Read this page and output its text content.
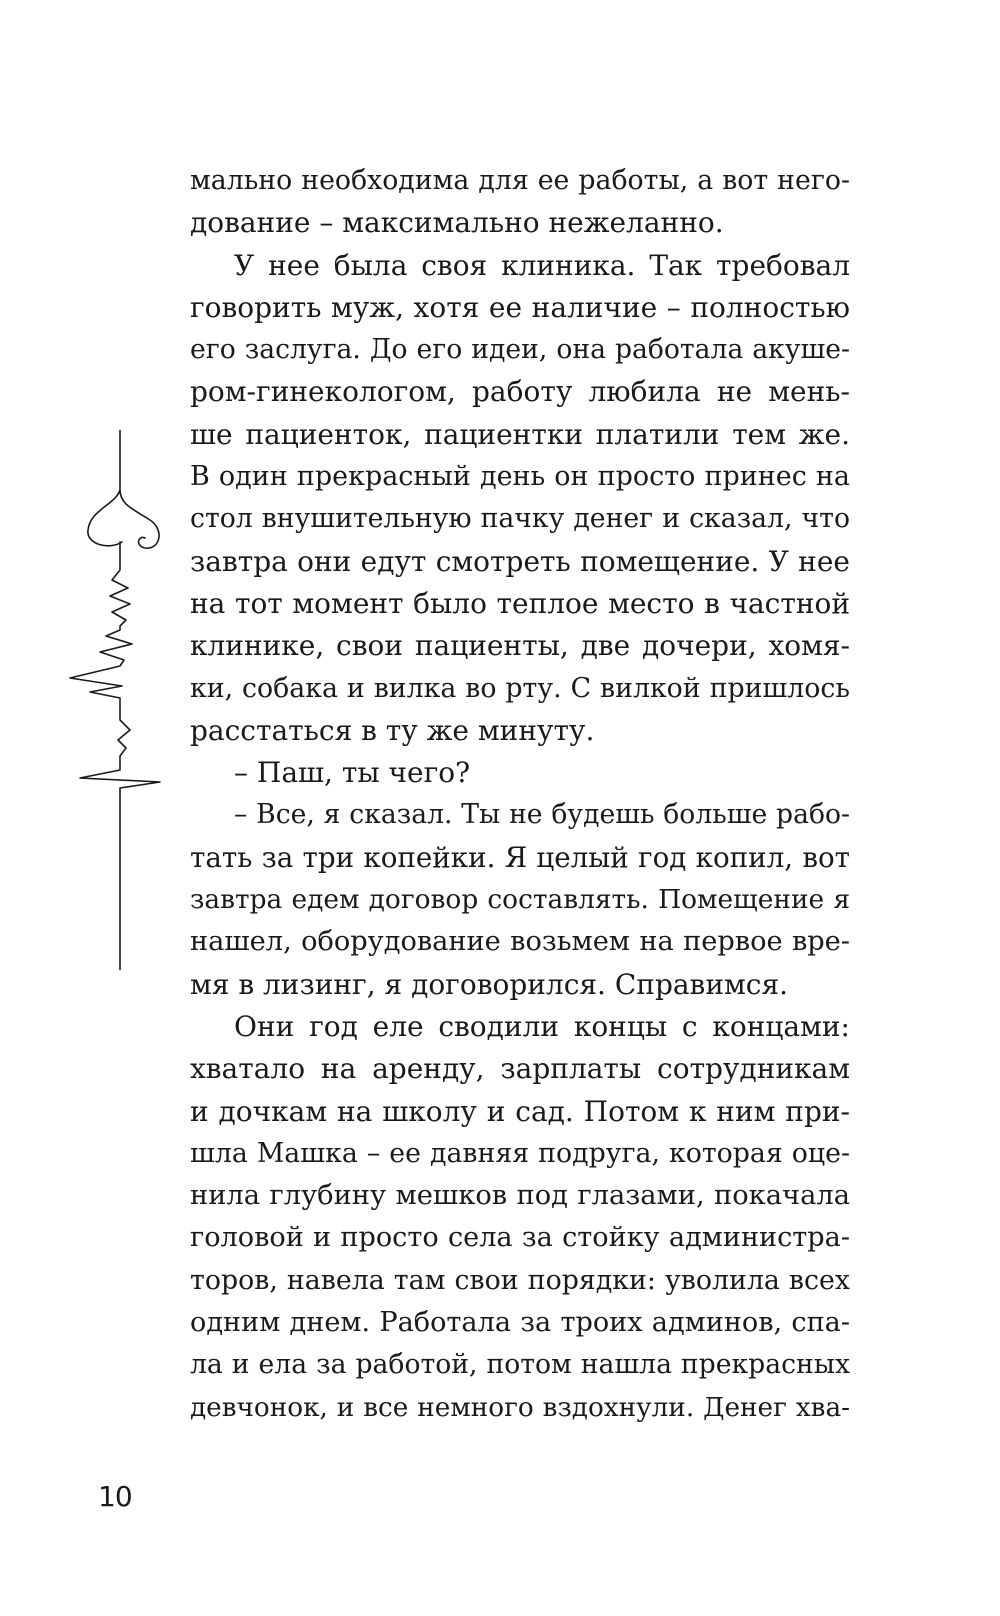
мально необходима для ее работы, а вот него-
дование – максимально нежеланно.
У нее была своя клиника. Так требовал
говорить муж, хотя ее наличие – полностью
его заслуга. До его идеи, она работала акуше-
ром-гинекологом, работу любила не мень-
ше пациенток, пациентки платили тем же.
В один прекрасный день он просто принес на
стол внушительную пачку денег и сказал, что
завтра они едут смотреть помещение. У нее
на тот момент было теплое место в частной
клинике, свои пациенты, две дочери, хомя-
ки, собака и вилка во рту. С вилкой пришлось
расстаться в ту же минуту.
– Паш, ты чего?
– Все, я сказал. Ты не будешь больше рабо-
тать за три копейки. Я целый год копил, вот
завтра едем договор составлять. Помещение я
нашел, оборудование возьмем на первое вре-
мя в лизинг, я договорился. Справимся.
Они год еле сводили концы с концами:
хватало на аренду, зарплаты сотрудникам
и дочкам на школу и сад. Потом к ним при-
шла Машка – ее давняя подруга, которая оце-
нила глубину мешков под глазами, покачала
головой и просто села за стойку администра-
торов, навела там свои порядки: уволила всех
одним днем. Работала за троих админов, спа-
ла и ела за работой, потом нашла прекрасных
девчонок, и все немного вздохнули. Денег хва-
10
